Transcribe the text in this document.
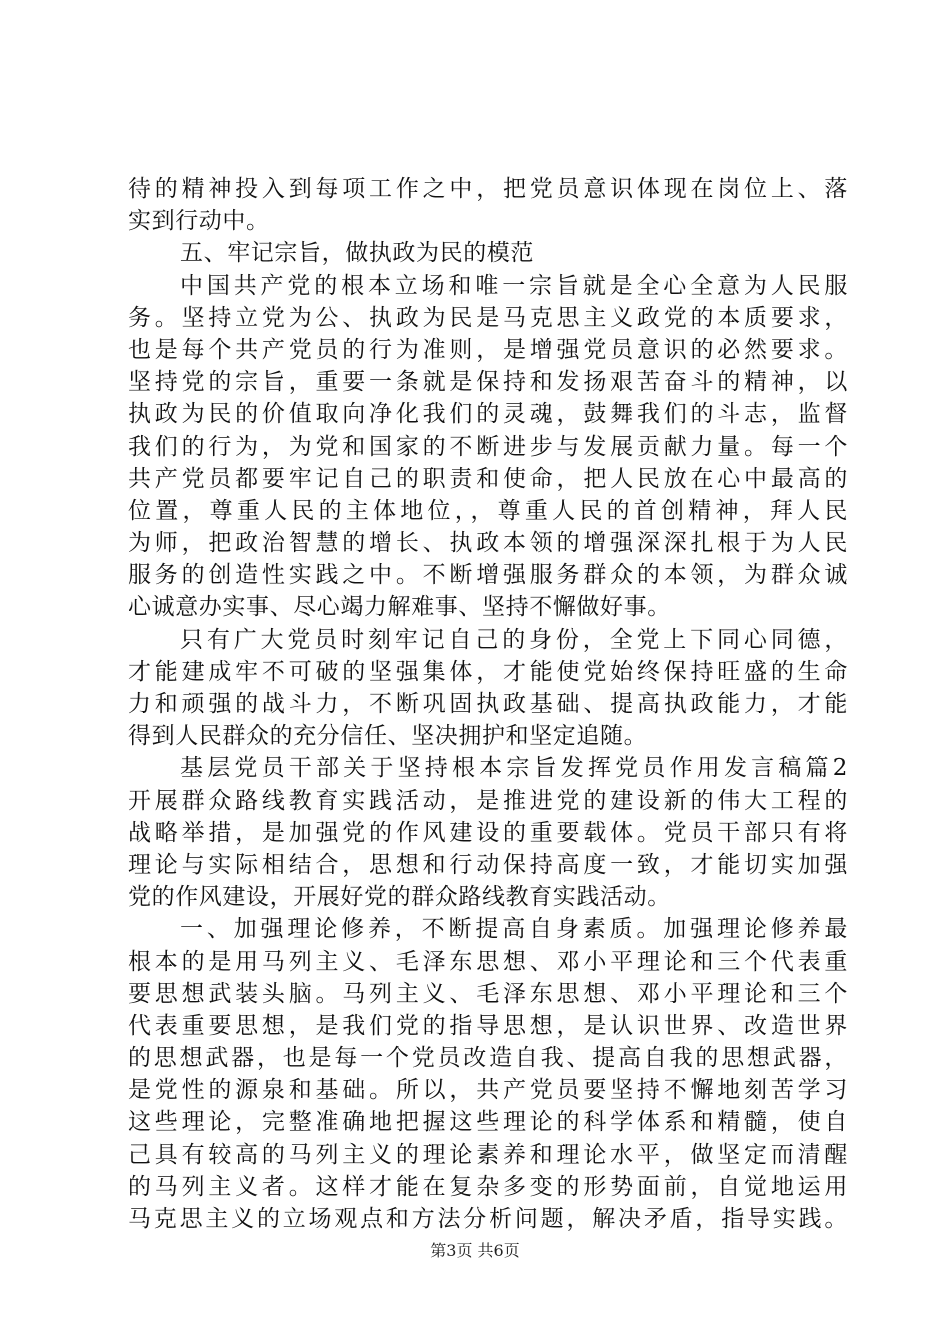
待的精神投入到每项工作之中，把党员意识体现在岗位上、落
实到行动中。
五、牢记宗旨，做执政为民的模范
中国共产党的根本立场和唯一宗旨就是全心全意为人民服
务。坚持立党为公、执政为民是马克思主义政党的本质要求，
也是每个共产党员的行为准则，是增强党员意识的必然要求。
坚持党的宗旨，重要一条就是保持和发扬艰苦奋斗的精神，以
执政为民的价值取向净化我们的灵魂，鼓舞我们的斗志，监督
我们的行为，为党和国家的不断进步与发展贡献力量。每一个
共产党员都要牢记自己的职责和使命，把人民放在心中最高的
位置，尊重人民的主体地位，，尊重人民的首创精神，拜人民
为师，把政治智慧的增长、执政本领的增强深深扎根于为人民
服务的创造性实践之中。不断增强服务群众的本领，为群众诚
心诚意办实事、尽心竭力解难事、坚持不懈做好事。
只有广大党员时刻牢记自己的身份，全党上下同心同德，
才能建成牢不可破的坚强集体，才能使党始终保持旺盛的生命
力和顽强的战斗力，不断巩固执政基础、提高执政能力，才能
得到人民群众的充分信任、坚决拥护和坚定追随。
基层党员干部关于坚持根本宗旨发挥党员作用发言稿篇2
开展群众路线教育实践活动，是推进党的建设新的伟大工程的
战略举措，是加强党的作风建设的重要载体。党员干部只有将
理论与实际相结合，思想和行动保持高度一致，才能切实加强
党的作风建设，开展好党的群众路线教育实践活动。
一、加强理论修养，不断提高自身素质。加强理论修养最
根本的是用马列主义、毛泽东思想、邓小平理论和三个代表重
要思想武装头脑。马列主义、毛泽东思想、邓小平理论和三个
代表重要思想，是我们党的指导思想，是认识世界、改造世界
的思想武器，也是每一个党员改造自我、提高自我的思想武器，
是党性的源泉和基础。所以，共产党员要坚持不懈地刻苦学习
这些理论，完整准确地把握这些理论的科学体系和精髓，使自
己具有较高的马列主义的理论素养和理论水平，做坚定而清醒
的马列主义者。这样才能在复杂多变的形势面前，自觉地运用
马克思主义的立场观点和方法分析问题，解决矛盾，指导实践。
第3页 共6页
